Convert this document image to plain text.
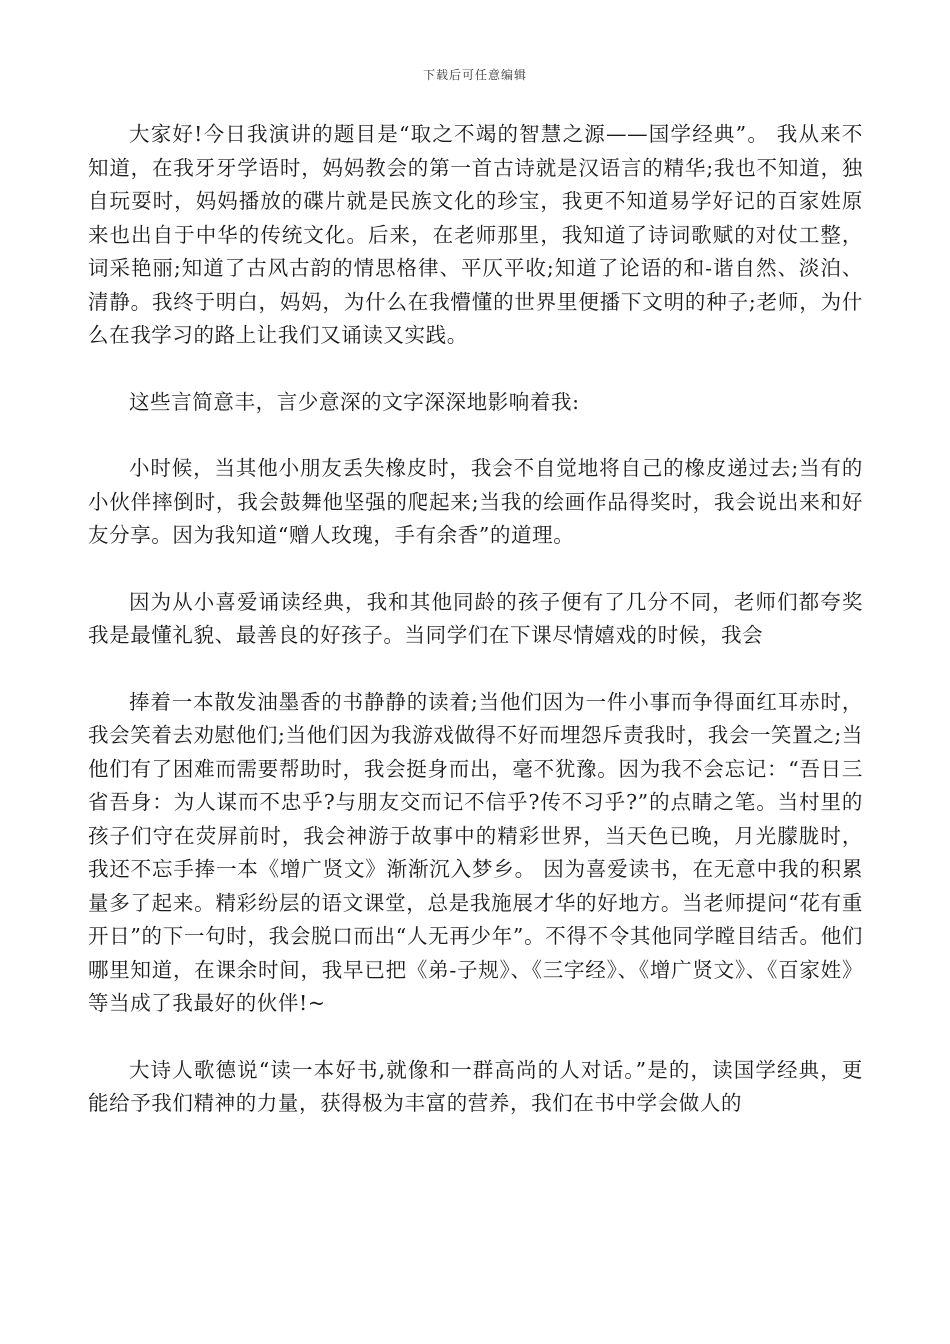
下载后可任意编辑

大家好!今日我演讲的题目是“取之不竭的智慧之源——国学经典”。 我从来不知道，在我牙牙学语时，妈妈教会的第一首古诗就是汉语言的精华;我也不知道，独自玩耍时，妈妈播放的碟片就是民族文化的珍宝，我更不知道易学好记的百家姓原来也出自于中华的传统文化。后来，在老师那里，我知道了诗词歌赋的对仗工整，词采艳丽;知道了古风古韵的情思格律、平仄平收;知道了论语的和-谐自然、淡泊、清静。我终于明白，妈妈，为什么在我懵懂的世界里便播下文明的种子;老师，为什么在我学习的路上让我们又诵读又实践。

这些言简意丰，言少意深的文字深深地影响着我:

小时候，当其他小朋友丢失橡皮时，我会不自觉地将自己的橡皮递过去;当有的小伙伴摔倒时，我会鼓舞他坚强的爬起来;当我的绘画作品得奖时，我会说出来和好友分享。因为我知道“赠人玫瑰，手有余香”的道理。

因为从小喜爱诵读经典，我和其他同龄的孩子便有了几分不同，老师们都夸奖我是最懂礼貌、最善良的好孩子。当同学们在下课尽情嬉戏的时候，我会

捧着一本散发油墨香的书静静的读着;当他们因为一件小事而争得面红耳赤时，我会笑着去劝慰他们;当他们因为我游戏做得不好而埋怨斥责我时，我会一笑置之;当他们有了困难而需要帮助时，我会挺身而出，毫不犹豫。因为我不会忘记：“吾日三省吾身：为人谋而不忠乎?与朋友交而记不信乎?传不习乎?”的点睛之笔。当村里的孩子们守在荧屏前时，我会神游于故事中的精彩世界，当天色已晚，月光朦胧时，我还不忘手捧一本《增广贤文》渐渐沉入梦乡。 因为喜爱读书，在无意中我的积累量多了起来。精彩纷层的语文课堂，总是我施展才华的好地方。当老师提问“花有重开日”的下一句时，我会脱口而出“人无再少年”。不得不令其他同学瞠目结舌。他们哪里知道，在课余时间，我早已把《弟-子规》、《三字经》、《增广贤文》、《百家姓》等当成了我最好的伙伴!~

大诗人歌德说“读一本好书,就像和一群高尚的人对话。”是的，读国学经典，更能给予我们精神的力量，获得极为丰富的营养，我们在书中学会做人的
